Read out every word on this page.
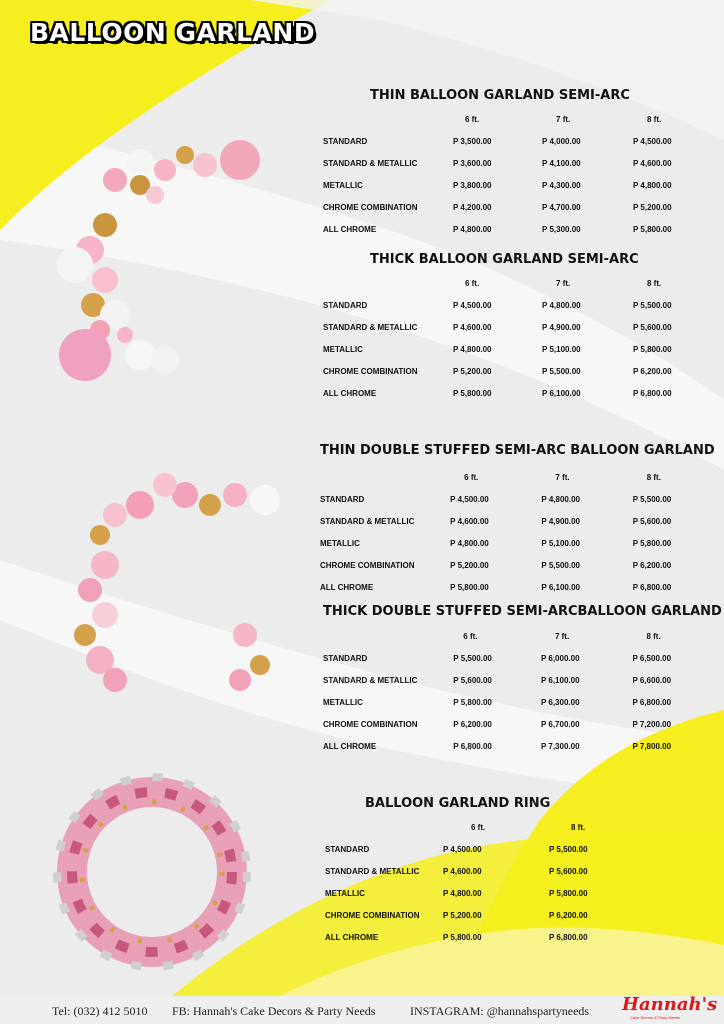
BALLOON GARLAND
THIN BALLOON GARLAND SEMI-ARC
	6 ft.	7 ft.	8 ft.
STANDARD	P 3,500.00	P 4,000.00	P 4,500.00
STANDARD & METALLIC	P 3,600.00	P 4,100.00	P 4,600.00
METALLIC	P 3,800.00	P 4,300.00	P 4,800.00
CHROME COMBINATION	P 4,200.00	P 4,700.00	P 5,200.00
ALL CHROME	P 4,800.00	P 5,300.00	P 5,800.00
THICK BALLOON GARLAND SEMI-ARC
	6 ft.	7 ft.	8 ft.
STANDARD	P 4,500.00	P 4,800.00	P 5,500.00
STANDARD & METALLIC	P 4,600.00	P 4,900.00	P 5,600.00
METALLIC	P 4,800.00	P 5,100.00	P 5,800.00
CHROME COMBINATION	P 5,200.00	P 5,500.00	P 6,200.00
ALL CHROME	P 5,800.00	P 6,100.00	P 6,800.00
THIN DOUBLE STUFFED SEMI-ARC BALLOON GARLAND
	6 ft.	7 ft.	8 ft.
STANDARD	P 4,500.00	P 4,800.00	P 5,500.00
STANDARD & METALLIC	P 4,600.00	P 4,900.00	P 5,600.00
METALLIC	P 4,800.00	P 5,100.00	P 5,800.00
CHROME COMBINATION	P 5,200.00	P 5,500.00	P 6,200.00
ALL CHROME	P 5,800.00	P 6,100.00	P 6,800.00
THICK DOUBLE STUFFED SEMI-ARCBALLOON GARLAND
	6 ft.	7 ft.	8 ft.
STANDARD	P 5,500.00	P 6,000.00	P 6,500.00
STANDARD & METALLIC	P 5,600.00	P 6,100.00	P 6,600.00
METALLIC	P 5,800.00	P 6,300.00	P 6,800.00
CHROME COMBINATION	P 6,200.00	P 6,700.00	P 7,200.00
ALL CHROME	P 6,800.00	P 7,300.00	P 7,800.00
BALLOON GARLAND RING
	6 ft.	8 ft.
STANDARD	P 4,500.00	P 5,500.00
STANDARD & METALLIC	P 4,600.00	P 5,600.00
METALLIC	P 4,800.00	P 5,800.00
CHROME COMBINATION	P 5,200.00	P 6,200.00
ALL CHROME	P 5,800.00	P 6,800.00
Tel: (032) 412 5010 FB: Hannah's Cake Decors & Party Needs	INSTAGRAM: @hannahspartyneeds Hannah's
Cake Decors & Party Needs
